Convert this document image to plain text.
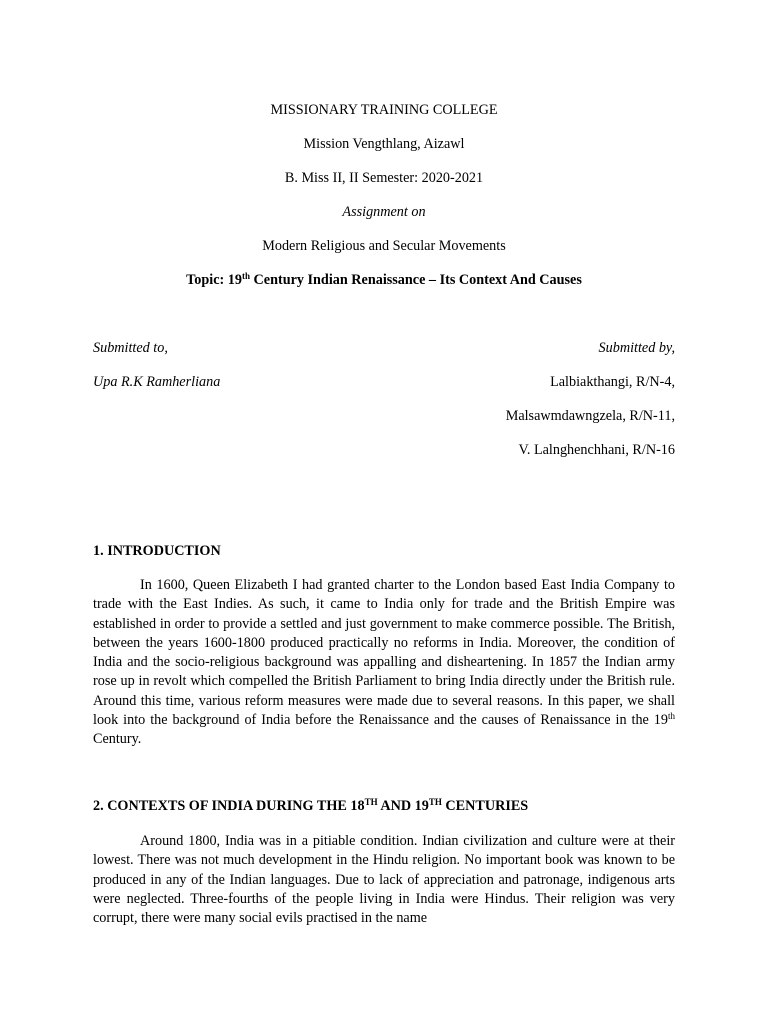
MISSIONARY TRAINING COLLEGE
Mission Vengthlang, Aizawl
B. Miss II, II Semester: 2020-2021
Assignment on
Modern Religious and Secular Movements
Topic: 19th Century Indian Renaissance – Its Context And Causes
Submitted to,
Upa R.K Ramherliana
Submitted by,
Lalbiakthangi, R/N-4,
Malsawmdawngzela, R/N-11,
V. Lalnghenchhani, R/N-16
1. INTRODUCTION
In 1600, Queen Elizabeth I had granted charter to the London based East India Company to trade with the East Indies. As such, it came to India only for trade and the British Empire was established in order to provide a settled and just government to make commerce possible. The British, between the years 1600-1800 produced practically no reforms in India. Moreover, the condition of India and the socio-religious background was appalling and disheartening. In 1857 the Indian army rose up in revolt which compelled the British Parliament to bring India directly under the British rule. Around this time, various reform measures were made due to several reasons. In this paper, we shall look into the background of India before the Renaissance and the causes of Renaissance in the 19th Century.
2. CONTEXTS OF INDIA DURING THE 18TH AND 19TH CENTURIES
Around 1800, India was in a pitiable condition. Indian civilization and culture were at their lowest. There was not much development in the Hindu religion. No important book was known to be produced in any of the Indian languages. Due to lack of appreciation and patronage, indigenous arts were neglected. Three-fourths of the people living in India were Hindus. Their religion was very corrupt, there were many social evils practised in the name
